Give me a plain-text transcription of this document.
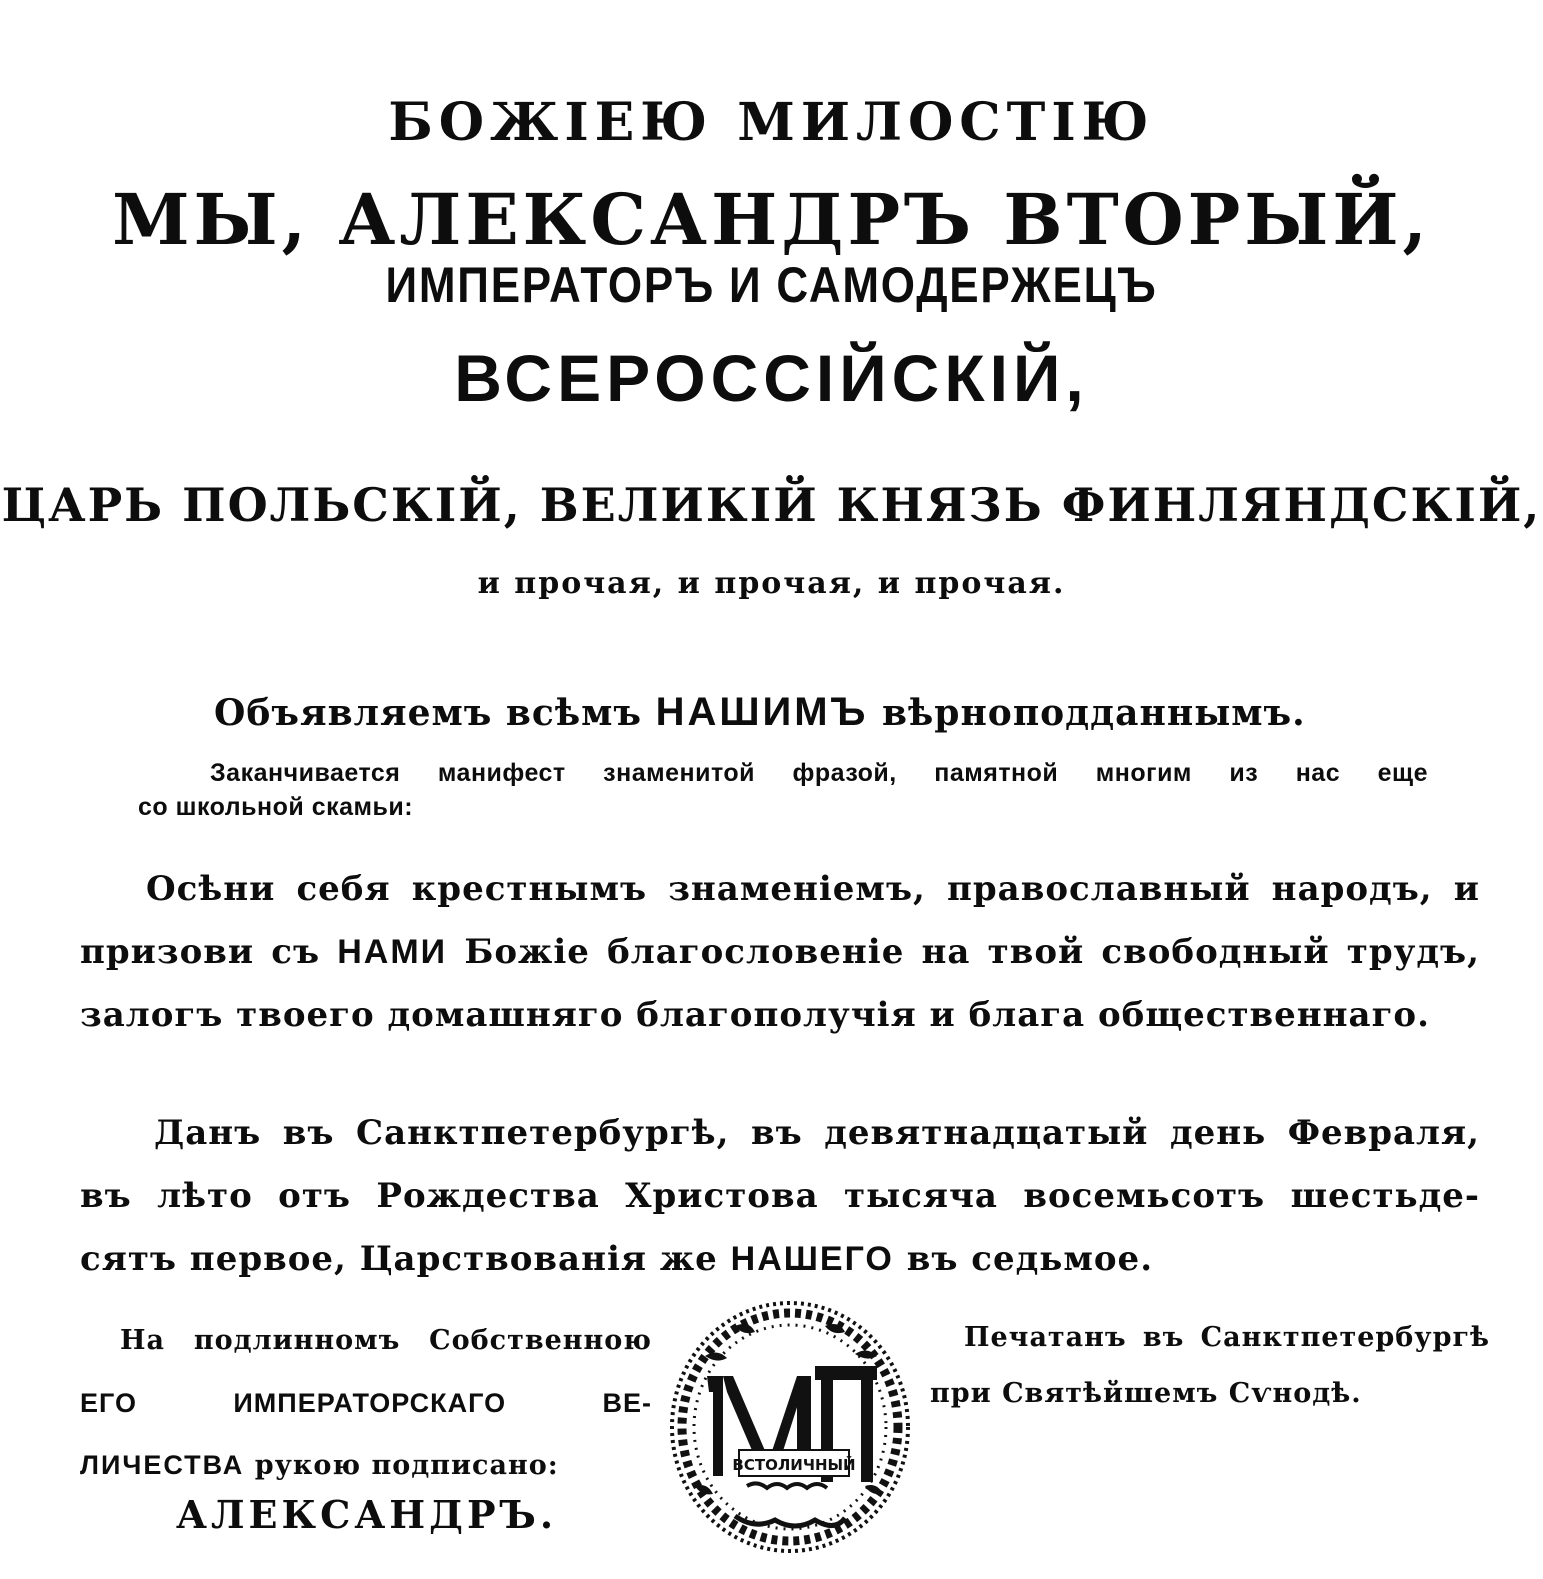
БОЖІЕЮ МИЛОСТІЮ
МЫ, АЛЕКСАНДРЪ ВТОРЫЙ,
ИМПЕРАТОРЪ И САМОДЕРЖЕЦЪ
ВСЕРОССІЙСКІЙ,
ЦАРЬ ПОЛЬСКІЙ, ВЕЛИКІЙ КНЯЗЬ ФИНЛЯНДСКІЙ,
и прочая, и прочая, и прочая.
Объявляемъ всѣмъ НАШИМЪ вѣрноподданнымъ.
Заканчивается манифест знаменитой фразой, памятной многим из нас еще
со школьной скамьи:
Осѣни себя крестнымъ знаменіемъ, православный народъ, и
призови съ НАМИ Божіе благословеніе на твой свободный трудъ,
залогъ твоего домашняго благополучія и блага общественнаго.
Данъ въ Санктпетербургѣ, въ девятнадцатый день Февраля,
въ лѣто отъ Рождества Христова тысяча восемьсотъ шестьде-
сятъ первое, Царствованія же НАШЕГО въ седьмое.
На подлинномъ Собственною
ЕГО ИМПЕРАТОРСКАГО ВЕ-
ЛИЧЕСТВА рукою подписано:
АЛЕКСАНДРЪ.
ВСТОЛИЧНЫЙ
Печатанъ въ Санктпетербургѣ
при Святѣйшемъ Сѵнодѣ.
